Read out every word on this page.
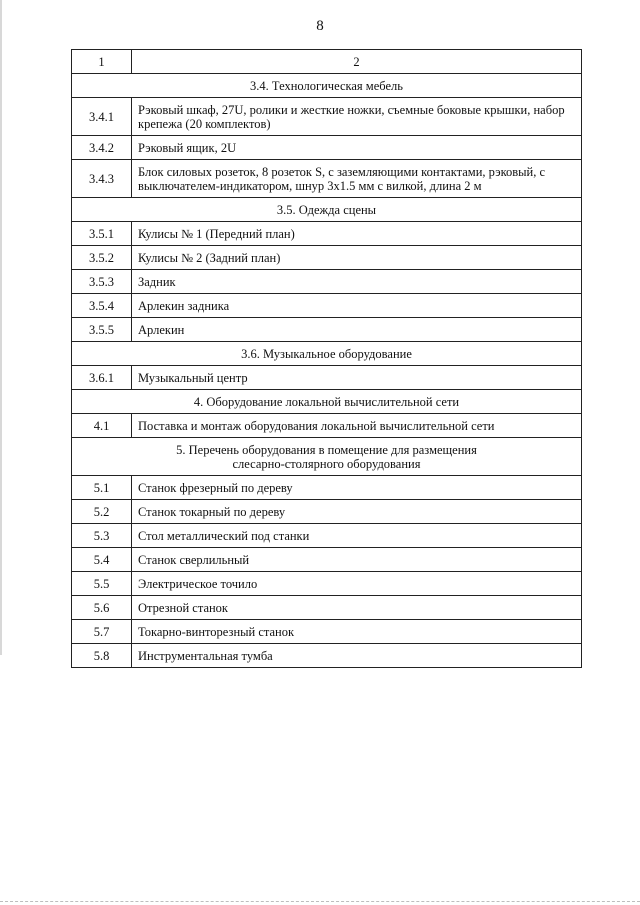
8
1	2
3.4. Технологическая мебель	
3.4.1	Рэковый шкаф, 27U, ролики и жесткие ножки, съемные боковые крышки, набор крепежа (20 комплектов)
3.4.2	Рэковый ящик, 2U
3.4.3	Блок силовых розеток, 8 розеток S, с заземляющими контактами, рэковый, с выключателем-индикатором, шнур 3x1.5 мм с вилкой, длина 2 м
3.5. Одежда сцены	
3.5.1	Кулисы № 1 (Передний план)
3.5.2	Кулисы № 2 (Задний план)
3.5.3	Задник
3.5.4	Арлекин задника
3.5.5	Арлекин
3.6. Музыкальное оборудование	
3.6.1	Музыкальный центр
4. Оборудование локальной вычислительной сети	
4.1	Поставка и монтаж оборудования локальной вычислительной сети
5. Перечень оборудования в помещение для размещения слесарно-столярного оборудования	
5.1	Станок фрезерный по дереву
5.2	Станок токарный по дереву
5.3	Стол металлический под станки
5.4	Станок сверлильный
5.5	Электрическое точило
5.6	Отрезной станок
5.7	Токарно-винторезный станок
5.8	Инструментальная тумба
